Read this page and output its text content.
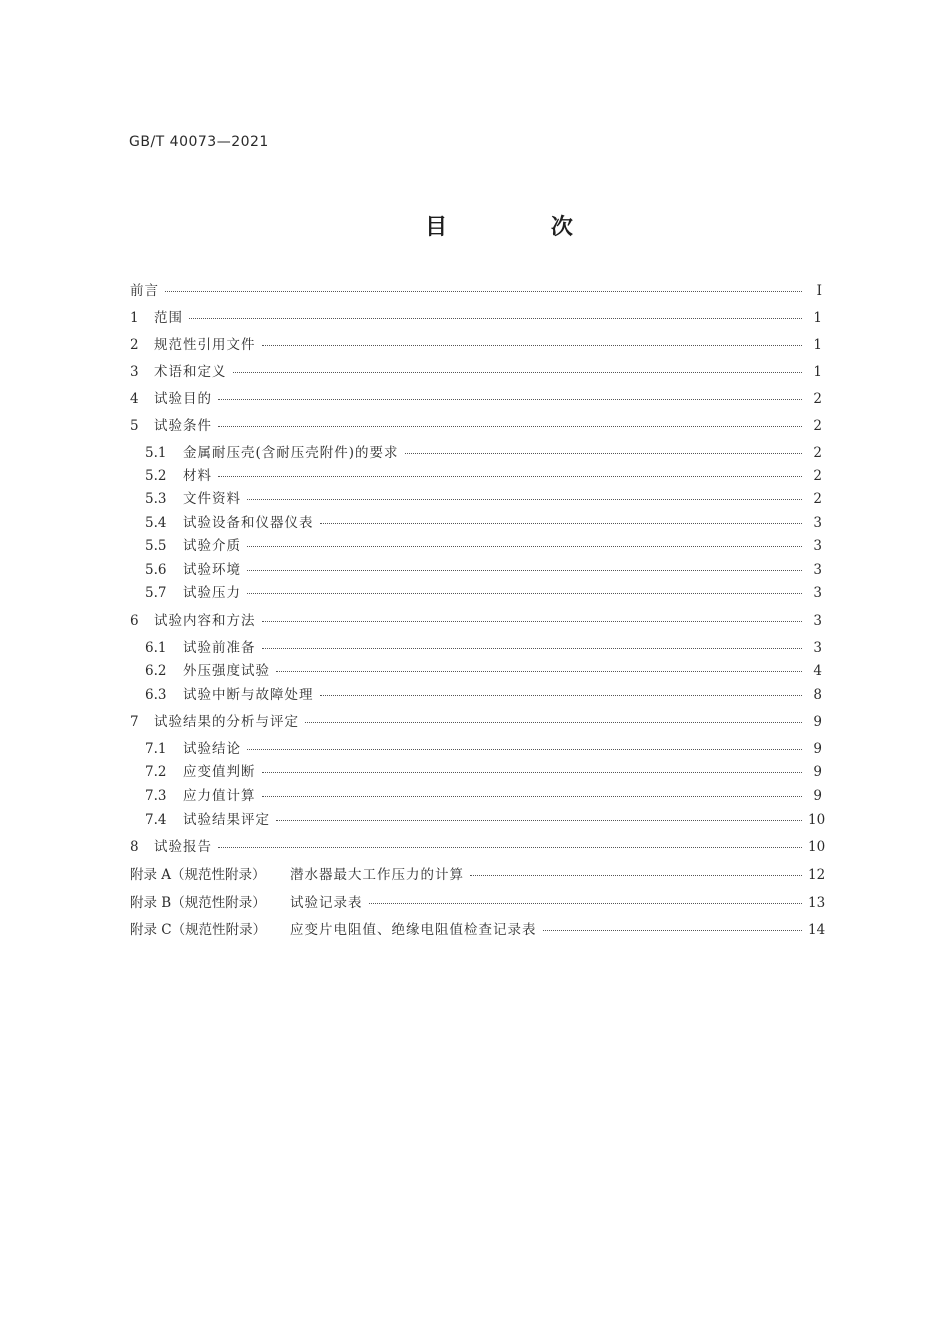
GB/T 40073—2021
目 次
前言	Ⅰ
1	范围	1
2	规范性引用文件	1
3	术语和定义	1
4	试验目的	2
5	试验条件	2
5.1	金属耐压壳(含耐压壳附件)的要求	2
5.2	材料	2
5.3	文件资料	2
5.4	试验设备和仪器仪表	3
5.5	试验介质	3
5.6	试验环境	3
5.7	试验压力	3
6	试验内容和方法	3
6.1	试验前准备	3
6.2	外压强度试验	4
6.3	试验中断与故障处理	8
7	试验结果的分析与评定	9
7.1	试验结论	9
7.2	应变值判断	9
7.3	应力值计算	9
7.4	试验结果评定	10
8	试验报告	10
附录 A（规范性附录）	潜水器最大工作压力的计算	12
附录 B（规范性附录）	试验记录表	13
附录 C（规范性附录）	应变片电阻值、绝缘电阻值检查记录表	14
